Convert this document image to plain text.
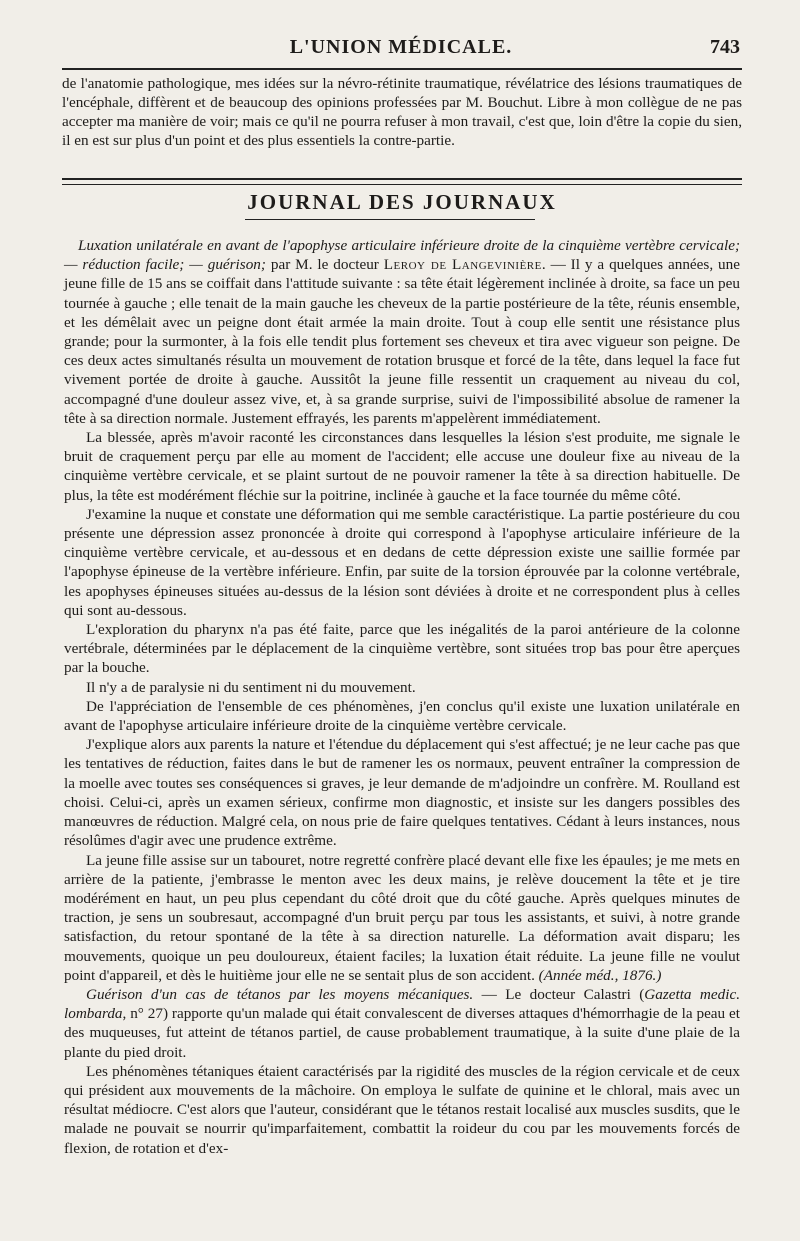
L'UNION MÉDICALE.	743

de l'anatomie pathologique, mes idées sur la névro-rétinite traumatique, révélatrice des lésions traumatiques de l'encéphale, diffèrent et de beaucoup des opinions professées par M. Bouchut. Libre à mon collègue de ne pas accepter ma manière de voir; mais ce qu'il ne pourra refuser à mon travail, c'est que, loin d'être la copie du sien, il en est sur plus d'un point et des plus essentiels la contre-partie.

JOURNAL DES JOURNAUX

Luxation unilatérale en avant de l'apophyse articulaire inférieure droite de la cinquième vertèbre cervicale; — réduction facile; — guérison; par M. le docteur Leroy de Langevinière. — Il y a quelques années, une jeune fille de 15 ans se coiffait dans l'attitude suivante : sa tête était légèrement inclinée à droite, sa face un peu tournée à gauche ; elle tenait de la main gauche les cheveux de la partie postérieure de la tête, réunis ensemble, et les démêlait avec un peigne dont était armée la main droite. Tout à coup elle sentit une résistance plus grande; pour la surmonter, à la fois elle tendit plus fortement ses cheveux et tira avec vigueur son peigne. De ces deux actes simultanés résulta un mouvement de rotation brusque et forcé de la tête, dans lequel la face fut vivement portée de droite à gauche. Aussitôt la jeune fille ressentit un craquement au niveau du col, accompagné d'une douleur assez vive, et, à sa grande surprise, suivi de l'impossibilité absolue de ramener la tête à sa direction normale. Justement effrayés, les parents m'appelèrent immédiatement.

La blessée, après m'avoir raconté les circonstances dans lesquelles la lésion s'est produite, me signale le bruit de craquement perçu par elle au moment de l'accident; elle accuse une douleur fixe au niveau de la cinquième vertèbre cervicale, et se plaint surtout de ne pouvoir ramener la tête à sa direction habituelle. De plus, la tête est modérément fléchie sur la poitrine, inclinée à gauche et la face tournée du même côté.

J'examine la nuque et constate une déformation qui me semble caractéristique. La partie postérieure du cou présente une dépression assez prononcée à droite qui correspond à l'apophyse articulaire inférieure de la cinquième vertèbre cervicale, et au-dessous et en dedans de cette dépression existe une saillie formée par l'apophyse épineuse de la vertèbre inférieure. Enfin, par suite de la torsion éprouvée par la colonne vertébrale, les apophyses épineuses situées au-dessus de la lésion sont déviées à droite et ne correspondent plus à celles qui sont au-dessous.

L'exploration du pharynx n'a pas été faite, parce que les inégalités de la paroi antérieure de la colonne vertébrale, déterminées par le déplacement de la cinquième vertèbre, sont situées trop bas pour être aperçues par la bouche.

Il n'y a de paralysie ni du sentiment ni du mouvement.

De l'appréciation de l'ensemble de ces phénomènes, j'en conclus qu'il existe une luxation unilatérale en avant de l'apophyse articulaire inférieure droite de la cinquième vertèbre cervicale.

J'explique alors aux parents la nature et l'étendue du déplacement qui s'est affectué; je ne leur cache pas que les tentatives de réduction, faites dans le but de ramener les os normaux, peuvent entraîner la compression de la moelle avec toutes ses conséquences si graves, je leur demande de m'adjoindre un confrère. M. Roulland est choisi. Celui-ci, après un examen sérieux, confirme mon diagnostic, et insiste sur les dangers possibles des manœuvres de réduction. Malgré cela, on nous prie de faire quelques tentatives. Cédant à leurs instances, nous résolûmes d'agir avec une prudence extrême.

La jeune fille assise sur un tabouret, notre regretté confrère placé devant elle fixe les épaules; je me mets en arrière de la patiente, j'embrasse le menton avec les deux mains, je relève doucement la tête et je tire modérément en haut, un peu plus cependant du côté droit que du côté gauche. Après quelques minutes de traction, je sens un soubresaut, accompagné d'un bruit perçu par tous les assistants, et suivi, à notre grande satisfaction, du retour spontané de la tête à sa direction naturelle. La déformation avait disparu; les mouvements, quoique un peu douloureux, étaient faciles; la luxation était réduite. La jeune fille ne voulut point d'appareil, et dès le huitième jour elle ne se sentait plus de son accident. (Année méd., 1876.)

Guérison d'un cas de tétanos par les moyens mécaniques. — Le docteur Calastri (Gazetta medic. lombarda, n° 27) rapporte qu'un malade qui était convalescent de diverses attaques d'hémorrhagie de la peau et des muqueuses, fut atteint de tétanos partiel, de cause probablement traumatique, à la suite d'une plaie de la plante du pied droit.

Les phénomènes tétaniques étaient caractérisés par la rigidité des muscles de la région cervicale et de ceux qui président aux mouvements de la mâchoire. On employa le sulfate de quinine et le chloral, mais avec un résultat médiocre. C'est alors que l'auteur, considérant que le tétanos restait localisé aux muscles susdits, que le malade ne pouvait se nourrir qu'imparfaitement, combattit la roideur du cou par les mouvements forcés de flexion, de rotation et d'ex-
